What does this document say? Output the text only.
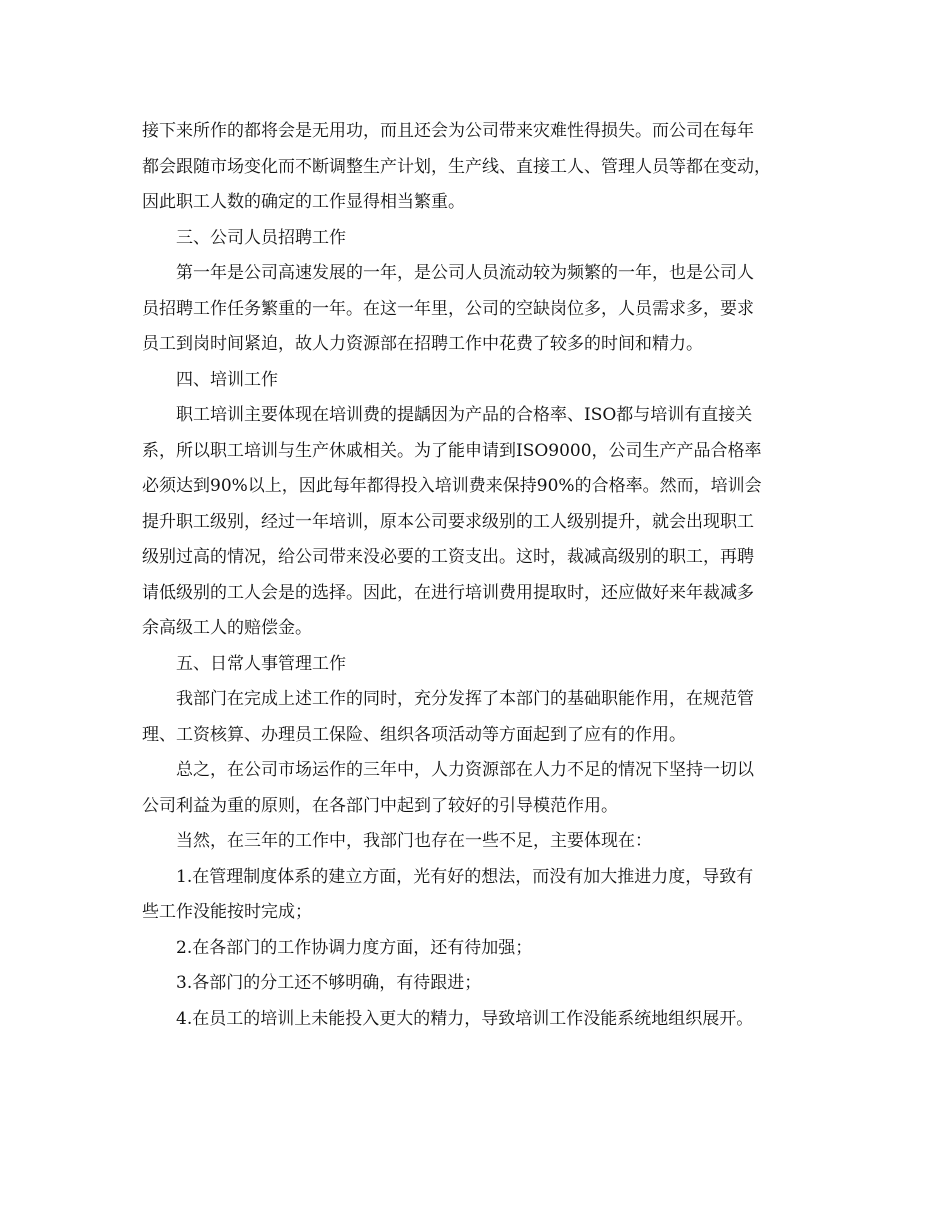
接下来所作的都将会是无用功，而且还会为公司带来灾难性得损失。而公司在每年
都会跟随市场变化而不断调整生产计划，生产线、直接工人、管理人员等都在变动，
因此职工人数的确定的工作显得相当繁重。
三、公司人员招聘工作
第一年是公司高速发展的一年，是公司人员流动较为频繁的一年，也是公司人
员招聘工作任务繁重的一年。在这一年里，公司的空缺岗位多，人员需求多，要求
员工到岗时间紧迫，故人力资源部在招聘工作中花费了较多的时间和精力。
四、培训工作
职工培训主要体现在培训费的提龋因为产品的合格率、ISO都与培训有直接关
系，所以职工培训与生产休戚相关。为了能申请到ISO9000，公司生产产品合格率
必须达到90%以上，因此每年都得投入培训费来保持90%的合格率。然而，培训会
提升职工级别，经过一年培训，原本公司要求级别的工人级别提升，就会出现职工
级别过高的情况，给公司带来没必要的工资支出。这时，裁减高级别的职工，再聘
请低级别的工人会是的选择。因此，在进行培训费用提取时，还应做好来年裁减多
余高级工人的赔偿金。
五、日常人事管理工作
我部门在完成上述工作的同时，充分发挥了本部门的基础职能作用，在规范管
理、工资核算、办理员工保险、组织各项活动等方面起到了应有的作用。
总之，在公司市场运作的三年中，人力资源部在人力不足的情况下坚持一切以
公司利益为重的原则，在各部门中起到了较好的引导模范作用。
当然，在三年的工作中，我部门也存在一些不足，主要体现在：
1.在管理制度体系的建立方面，光有好的想法，而没有加大推进力度，导致有
些工作没能按时完成；
2.在各部门的工作协调力度方面，还有待加强；
3.各部门的分工还不够明确，有待跟进；
4.在员工的培训上未能投入更大的精力，导致培训工作没能系统地组织展开。
